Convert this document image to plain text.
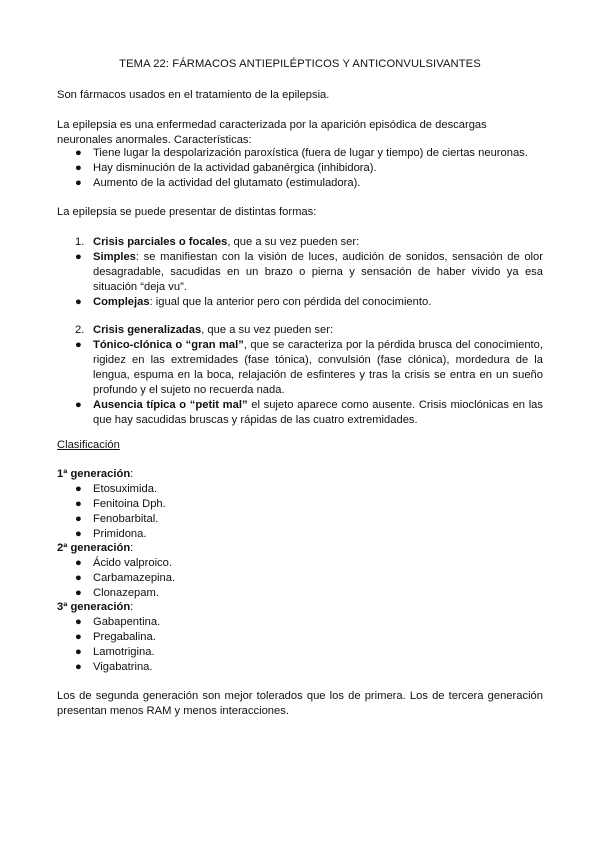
TEMA 22: FÁRMACOS ANTIEPILÉPTICOS Y ANTICONVULSIVANTES
Son fármacos usados en el tratamiento de la epilepsia.
La epilepsia es una enfermedad caracterizada por la aparición episódica de descargas neuronales anormales. Características:
● Tiene lugar la despolarización paroxística (fuera de lugar y tiempo) de ciertas neuronas.
● Hay disminución de la actividad gabanérgica (inhibidora).
● Aumento de la actividad del glutamato (estimuladora).
La epilepsia se puede presentar de distintas formas:
1. Crisis parciales o focales, que a su vez pueden ser:
● Simples: se manifiestan con la visión de luces, audición de sonidos, sensación de olor desagradable, sacudidas en un brazo o pierna y sensación de haber vivido ya esa situación “deja vu”.
● Complejas: igual que la anterior pero con pérdida del conocimiento.
2. Crisis generalizadas, que a su vez pueden ser:
● Tónico-clónica o “gran mal”, que se caracteriza por la pérdida brusca del conocimiento, rigidez en las extremidades (fase tónica), convulsión (fase clónica), mordedura de la lengua, espuma en la boca, relajación de esfinteres y tras la crisis se entra en un sueño profundo y el sujeto no recuerda nada.
● Ausencia típica o “petit mal” el sujeto aparece como ausente. Crisis mioclónicas en las que hay sacudidas bruscas y rápidas de las cuatro extremidades.
Clasificación
1ª generación:
● Etosuximida.
● Fenitoina Dph.
● Fenobarbital.
● Primidona.
2ª generación:
● Ácido valproico.
● Carbamazepina.
● Clonazepam.
3ª generación:
● Gabapentina.
● Pregabalina.
● Lamotrigina.
● Vigabatrina.
Los de segunda generación son mejor tolerados que los de primera. Los de tercera generación presentan menos RAM y menos interacciones.
